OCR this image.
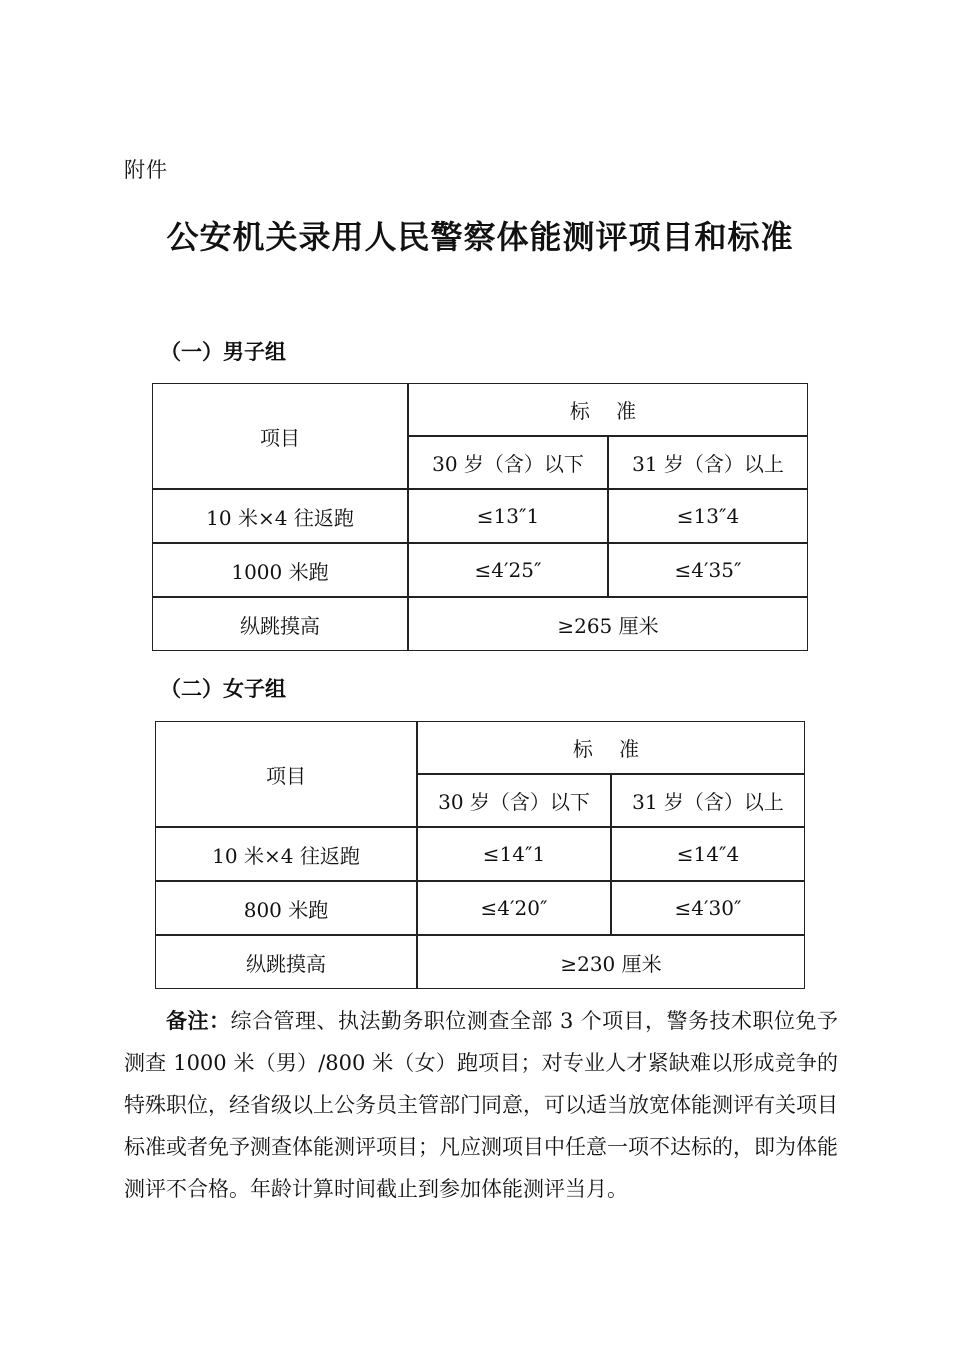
附件
公安机关录用人民警察体能测评项目和标准
（一）男子组
项目	标 准	
	30 岁（含）以下	31 岁（含）以上
10 米×4 往返跑	≤13″1	≤13″4
1000 米跑	≤4′25″	≤4′35″
纵跳摸高	≥265 厘米	
（二）女子组
项目	标 准	
	30 岁（含）以下	31 岁（含）以上
10 米×4 往返跑	≤14″1	≤14″4
800 米跑	≤4′20″	≤4′30″
纵跳摸高	≥230 厘米	
备注：综合管理、执法勤务职位测查全部 3 个项目，警务技术职位免予测查 1000 米（男）/800 米（女）跑项目；对专业人才紧缺难以形成竞争的特殊职位，经省级以上公务员主管部门同意，可以适当放宽体能测评有关项目标准或者免予测查体能测评项目；凡应测项目中任意一项不达标的，即为体能测评不合格。年龄计算时间截止到参加体能测评当月。
